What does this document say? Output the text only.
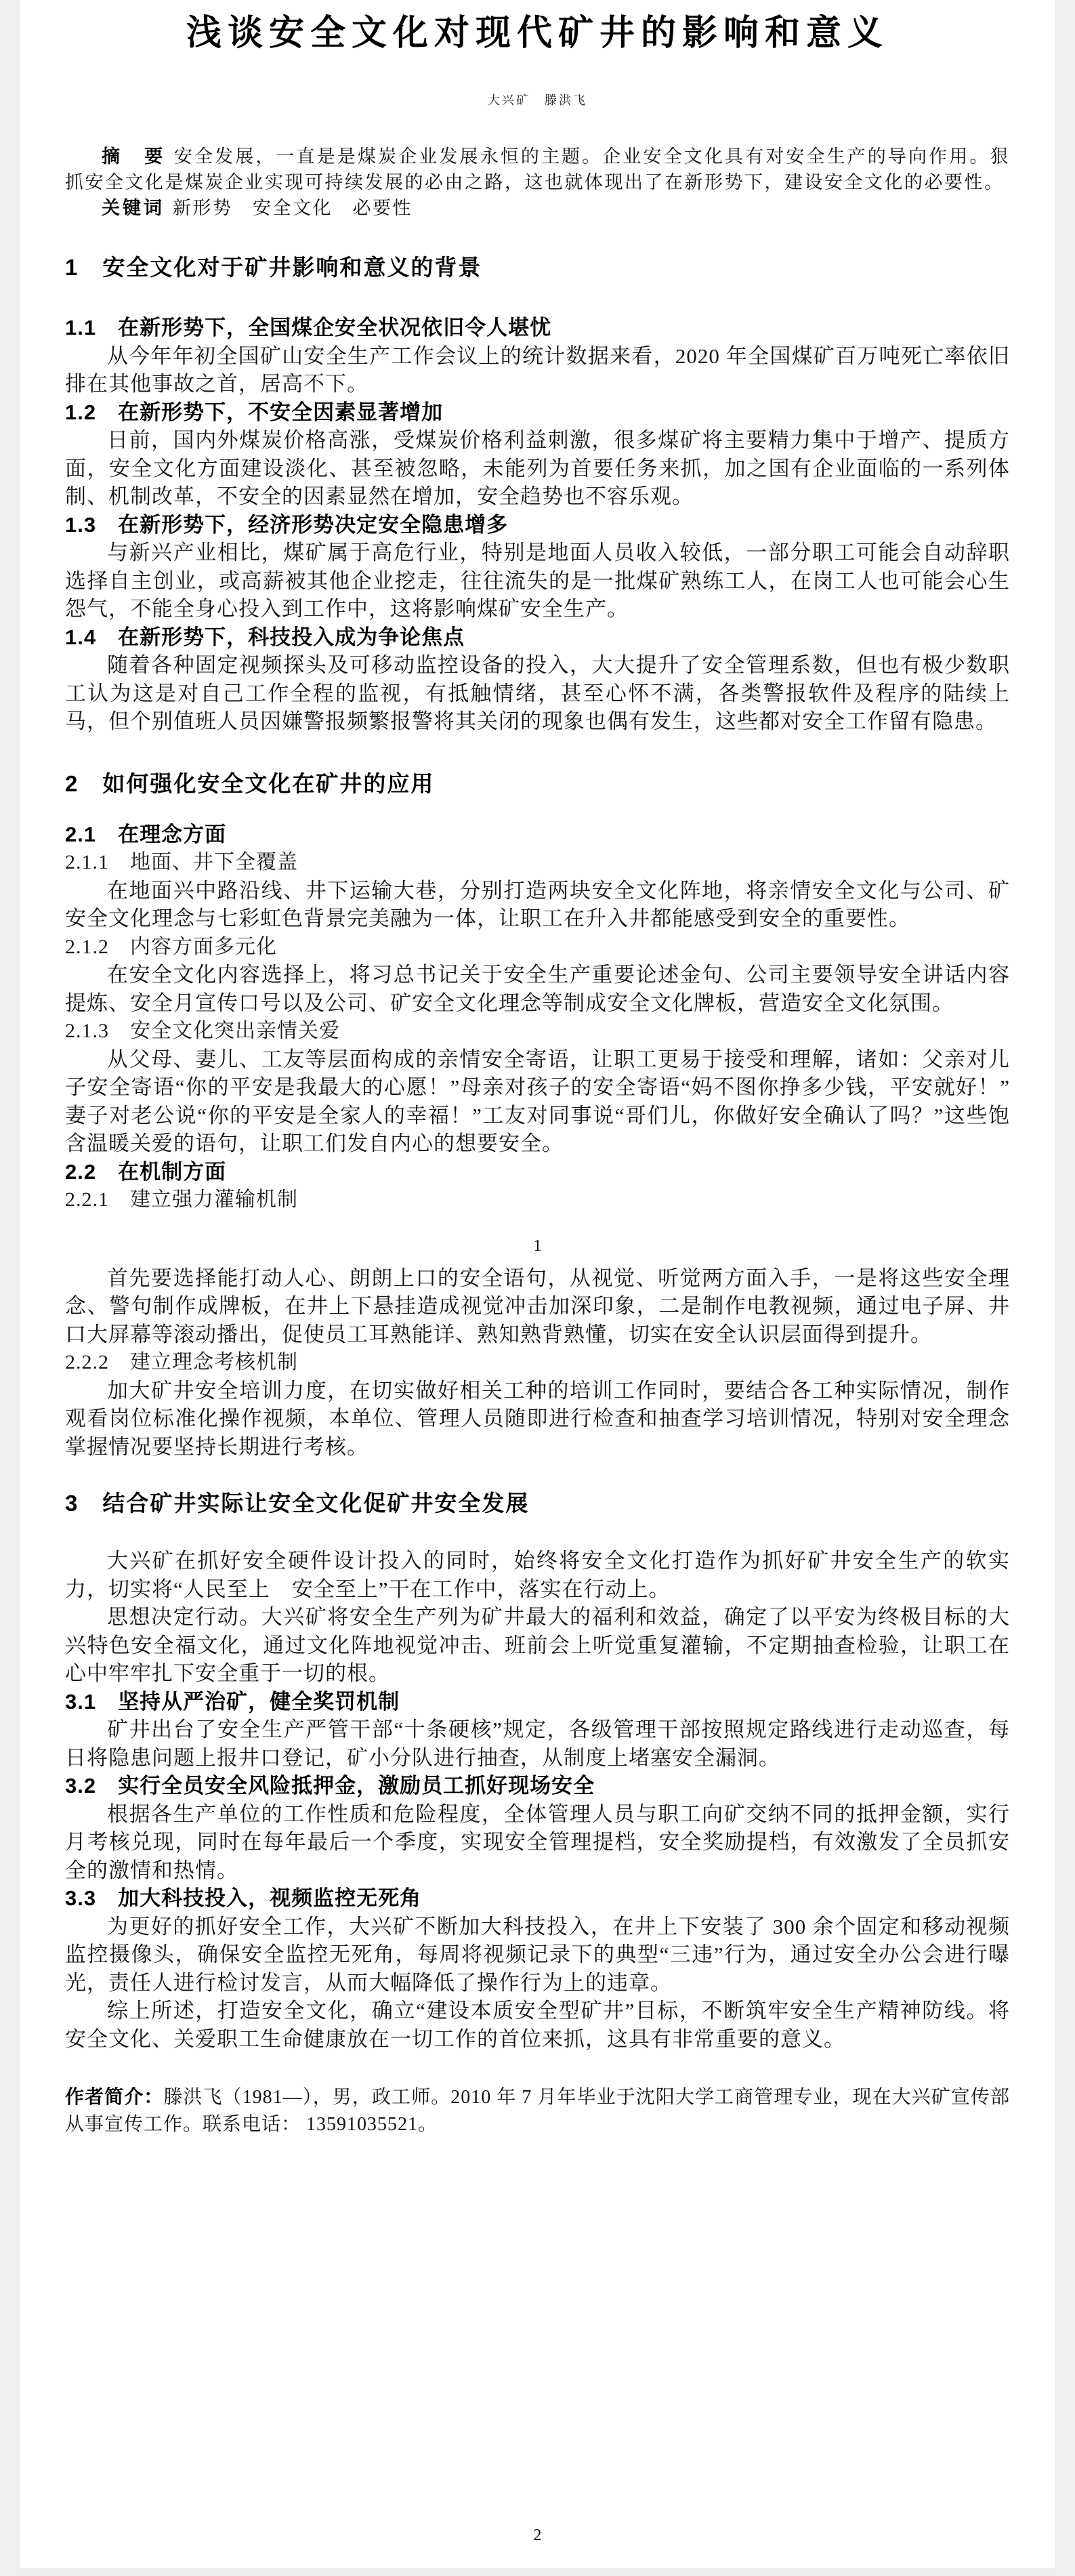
浅谈安全文化对现代矿井的影响和意义
大兴矿　滕洪飞

摘　要 安全发展，一直是是煤炭企业发展永恒的主题。企业安全文化具有对安全生产的导向作用。狠抓安全文化是煤炭企业实现可持续发展的必由之路，这也就体现出了在新形势下，建设安全文化的必要性。

关键词 新形势　安全文化　必要性

1　安全文化对于矿井影响和意义的背景
1.1　在新形势下，全国煤企安全状况依旧令人堪忧

从今年年初全国矿山安全生产工作会议上的统计数据来看，2020 年全国煤矿百万吨死亡率依旧排在其他事故之首，居高不下。

1.2　在新形势下，不安全因素显著增加

日前，国内外煤炭价格高涨，受煤炭价格利益刺激，很多煤矿将主要精力集中于增产、提质方面，安全文化方面建设淡化、甚至被忽略，未能列为首要任务来抓，加之国有企业面临的一系列体制、机制改革，不安全的因素显然在增加，安全趋势也不容乐观。

1.3　在新形势下，经济形势决定安全隐患增多

与新兴产业相比，煤矿属于高危行业，特别是地面人员收入较低，一部分职工可能会自动辞职选择自主创业，或高薪被其他企业挖走，往往流失的是一批煤矿熟练工人，在岗工人也可能会心生怨气，不能全身心投入到工作中，这将影响煤矿安全生产。

1.4　在新形势下，科技投入成为争论焦点

随着各种固定视频探头及可移动监控设备的投入，大大提升了安全管理系数，但也有极少数职工认为这是对自己工作全程的监视，有抵触情绪，甚至心怀不满，各类警报软件及程序的陆续上马，但个别值班人员因嫌警报频繁报警将其关闭的现象也偶有发生，这些都对安全工作留有隐患。

2　如何强化安全文化在矿井的应用
2.1　在理念方面
2.1.1　地面、井下全覆盖

在地面兴中路沿线、井下运输大巷，分别打造两块安全文化阵地，将亲情安全文化与公司、矿安全文化理念与七彩虹色背景完美融为一体，让职工在升入井都能感受到安全的重要性。

2.1.2　内容方面多元化

在安全文化内容选择上，将习总书记关于安全生产重要论述金句、公司主要领导安全讲话内容提炼、安全月宣传口号以及公司、矿安全文化理念等制成安全文化牌板，营造安全文化氛围。

2.1.3　安全文化突出亲情关爱

从父母、妻儿、工友等层面构成的亲情安全寄语，让职工更易于接受和理解，诸如：父亲对儿子安全寄语“你的平安是我最大的心愿！”母亲对孩子的安全寄语“妈不图你挣多少钱，平安就好！”妻子对老公说“你的平安是全家人的幸福！”工友对同事说“哥们儿，你做好安全确认了吗？”这些饱含温暖关爱的语句，让职工们发自内心的想要安全。

2.2　在机制方面
2.2.1　建立强力灌输机制
1

首先要选择能打动人心、朗朗上口的安全语句，从视觉、听觉两方面入手，一是将这些安全理念、警句制作成牌板，在井上下悬挂造成视觉冲击加深印象，二是制作电教视频，通过电子屏、井口大屏幕等滚动播出，促使员工耳熟能详、熟知熟背熟懂，切实在安全认识层面得到提升。

2.2.2　建立理念考核机制

加大矿井安全培训力度，在切实做好相关工种的培训工作同时，要结合各工种实际情况，制作观看岗位标准化操作视频，本单位、管理人员随即进行检查和抽查学习培训情况，特别对安全理念掌握情况要坚持长期进行考核。

3　结合矿井实际让安全文化促矿井安全发展

大兴矿在抓好安全硬件设计投入的同时，始终将安全文化打造作为抓好矿井安全生产的软实力，切实将“人民至上　安全至上”干在工作中，落实在行动上。

思想决定行动。大兴矿将安全生产列为矿井最大的福利和效益，确定了以平安为终极目标的大兴特色安全福文化，通过文化阵地视觉冲击、班前会上听觉重复灌输，不定期抽查检验，让职工在心中牢牢扎下安全重于一切的根。

3.1　坚持从严治矿，健全奖罚机制

矿井出台了安全生产严管干部“十条硬核”规定，各级管理干部按照规定路线进行走动巡查，每日将隐患问题上报井口登记，矿小分队进行抽查，从制度上堵塞安全漏洞。

3.2　实行全员安全风险抵押金，激励员工抓好现场安全

根据各生产单位的工作性质和危险程度，全体管理人员与职工向矿交纳不同的抵押金额，实行月考核兑现，同时在每年最后一个季度，实现安全管理提档，安全奖励提档，有效激发了全员抓安全的激情和热情。

3.3　加大科技投入，视频监控无死角

为更好的抓好安全工作，大兴矿不断加大科技投入，在井上下安装了 300 余个固定和移动视频监控摄像头，确保安全监控无死角，每周将视频记录下的典型“三违”行为，通过安全办公会进行曝光，责任人进行检讨发言，从而大幅降低了操作行为上的违章。

综上所述，打造安全文化，确立“建设本质安全型矿井”目标，不断筑牢安全生产精神防线。将安全文化、关爱职工生命健康放在一切工作的首位来抓，这具有非常重要的意义。

作者简介：滕洪飞（1981—），男，政工师。2010 年 7 月年毕业于沈阳大学工商管理专业，现在大兴矿宣传部从事宣传工作。联系电话： 13591035521。

2
